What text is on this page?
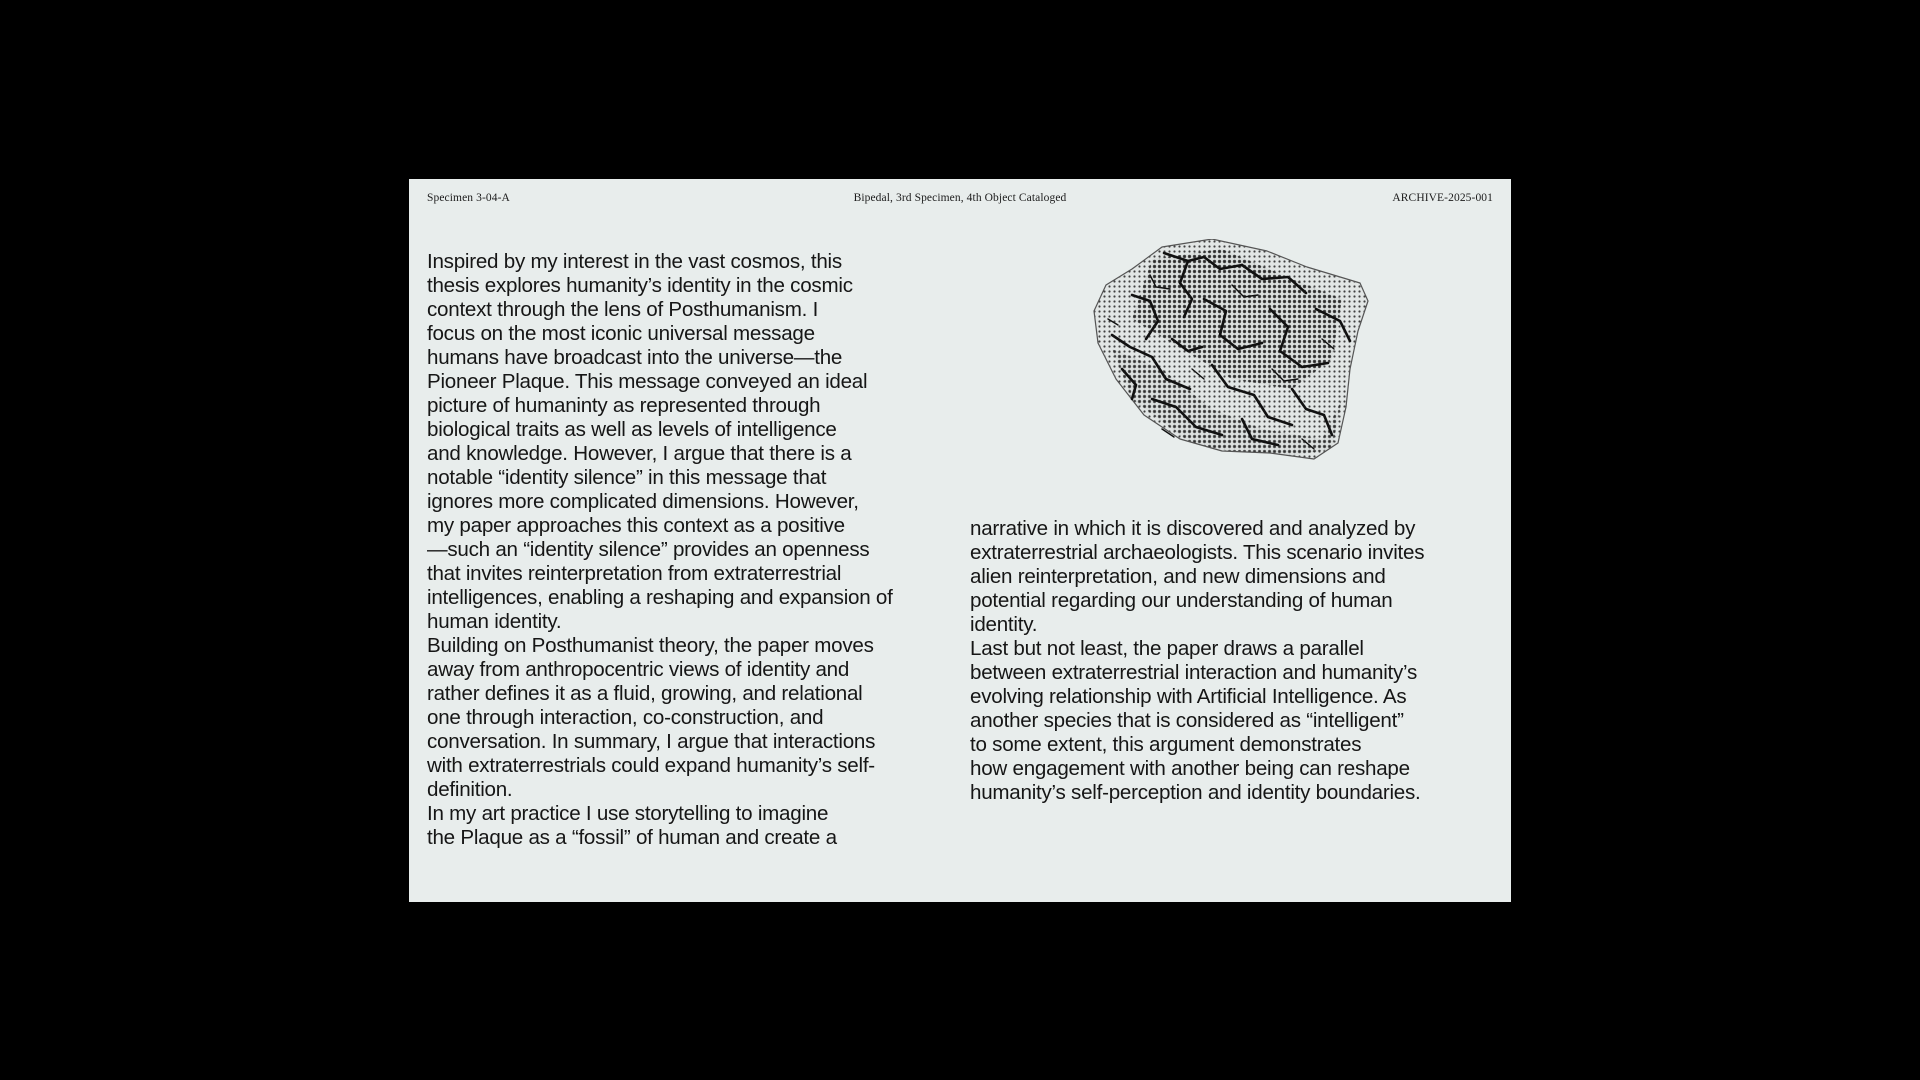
Specimen 3-04-A	Bipedal, 3rd Specimen, 4th Object Cataloged	ARCHIVE-2025-001
Inspired by my interest in the vast cosmos, this
thesis explores humanity’s identity in the cosmic
context through the lens of Posthumanism. I
focus on the most iconic universal message
humans have broadcast into the universe—the
Pioneer Plaque. This message conveyed an ideal
picture of humaninty as represented through
biological traits as well as levels of intelligence
and knowledge. However, I argue that there is a
notable “identity silence” in this message that
ignores more complicated dimensions. However,
my paper approaches this context as a positive
—such an “identity silence” provides an openness
that invites reinterpretation from extraterrestrial
intelligences, enabling a reshaping and expansion of
human identity.
Building on Posthumanist theory, the paper moves
away from anthropocentric views of identity and
rather defines it as a fluid, growing, and relational
one through interaction, co-construction, and
conversation. In summary, I argue that interactions
with extraterrestrials could expand humanity’s self-
definition.
In my art practice I use storytelling to imagine
the Plaque as a “fossil” of human and create a
narrative in which it is discovered and analyzed by
extraterrestrial archaeologists. This scenario invites
alien reinterpretation, and new dimensions and
potential regarding our understanding of human
identity.
Last but not least, the paper draws a parallel
between extraterrestrial interaction and humanity’s
evolving relationship with Artificial Intelligence. As
another species that is considered as “intelligent”
to some extent, this argument demonstrates
how engagement with another being can reshape
humanity’s self-perception and identity boundaries.
